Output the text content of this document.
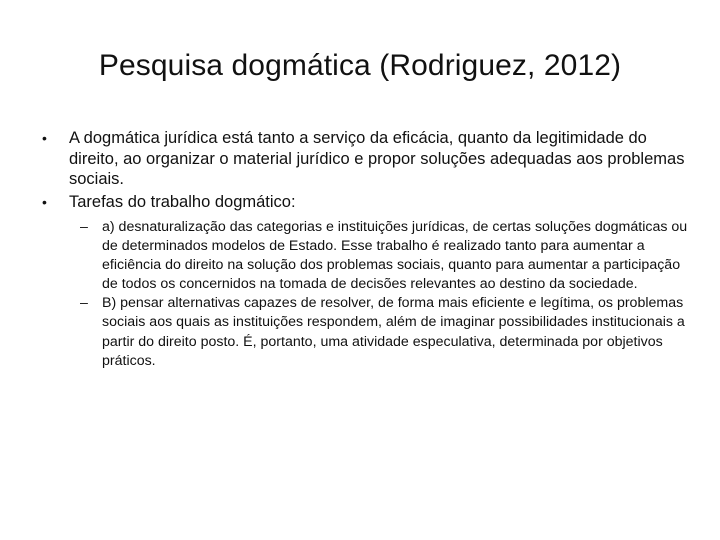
Pesquisa dogmática (Rodriguez, 2012)
• A dogmática jurídica está tanto a serviço da eficácia, quanto da legitimidade do direito, ao organizar o material jurídico e propor soluções adequadas aos problemas sociais.
• Tarefas do trabalho dogmático:
– a) desnaturalização das categorias e instituições jurídicas, de certas soluções dogmáticas ou de determinados modelos de Estado. Esse trabalho é realizado tanto para aumentar a eficiência do direito na solução dos problemas sociais, quanto para aumentar a participação de todos os concernidos na tomada de decisões relevantes ao destino da sociedade.
– B) pensar alternativas capazes de resolver, de forma mais eficiente e legítima, os problemas sociais aos quais as instituições respondem, além de imaginar possibilidades institucionais a partir do direito posto. É, portanto, uma atividade especulativa, determinada por objetivos práticos.
